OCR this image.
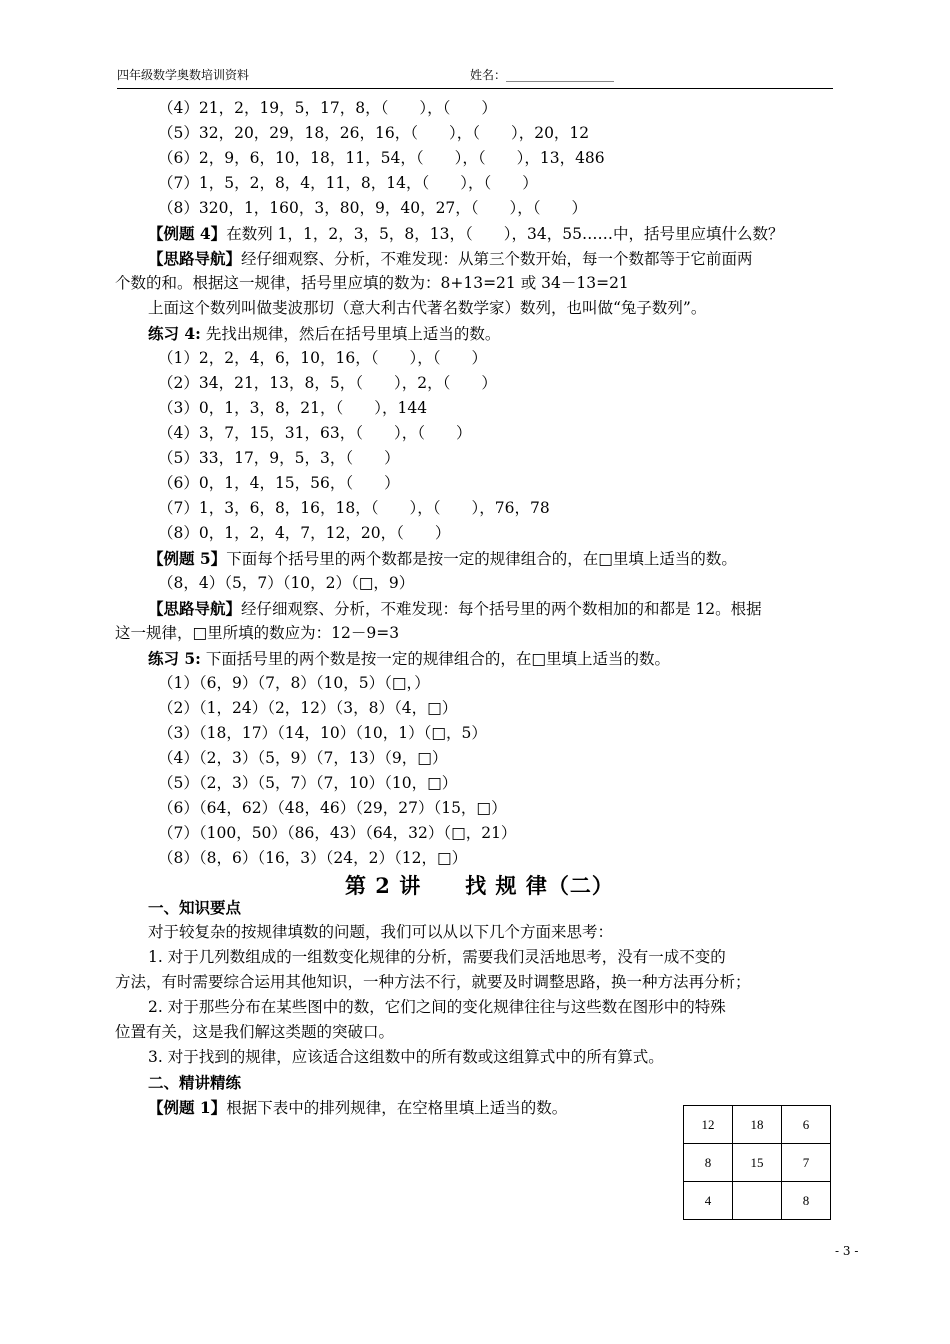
四年级数学奥数培训资料	姓名：__________________
（4）21，2，19，5，17，8，（　　），（　　）
（5）32，20，29，18，26，16，（　　），（　　），20，12
（6）2，9，6，10，18，11，54，（　　），（　　），13，486
（7）1，5，2，8，4，11，8，14，（　　），（　　）
（8）320，1，160，3，80，9，40，27，（　　），（　　）
【例题 4】在数列 1，1，2，3，5，8，13，（　　），34，55……中，括号里应填什么数？
【思路导航】经仔细观察、分析，不难发现：从第三个数开始，每一个数都等于它前面两
个数的和。根据这一规律，括号里应填的数为：8+13=21 或 34－13=21
上面这个数列叫做斐波那切（意大利古代著名数学家）数列，也叫做“兔子数列”。
练习 4: 先找出规律，然后在括号里填上适当的数。
（1）2，2，4，6，10，16，（　　），（　　）
（2）34，21，13，8，5，（　　），2，（　　）
（3）0，1，3，8，21，（　　），144
（4）3，7，15，31，63，（　　），（　　）
（5）33，17，9，5，3，（　　）
（6）0，1，4，15，56，（　　）
（7）1，3，6，8，16，18，（　　），（　　），76，78
（8）0，1，2，4，7，12，20，（　　）
【例题 5】下面每个括号里的两个数都是按一定的规律组合的，在□里填上适当的数。
（8，4）（5，7）（10，2）（□，9）
【思路导航】经仔细观察、分析，不难发现：每个括号里的两个数相加的和都是 12。根据
这一规律，□里所填的数应为：12－9=3
练习 5: 下面括号里的两个数是按一定的规律组合的，在□里填上适当的数。
（1）（6，9）（7，8）（10，5）（□，）
（2）（1，24）（2，12）（3，8）（4，□）
（3）（18，17）（14，10）（10，1）（□，5）
（4）（2，3）（5，9）（7，13）（9，□）
（5）（2，3）（5，7）（7，10）（10，□）
（6）（64，62）（48，46）（29，27）（15，□）
（7）（100，50）（86，43）（64，32）（□，21）
（8）（8，6）（16，3）（24，2）（12，□）
第 2 讲　　找 规 律（二）
一、知识要点
对于较复杂的按规律填数的问题，我们可以从以下几个方面来思考：
1. 对于几列数组成的一组数变化规律的分析，需要我们灵活地思考，没有一成不变的
方法，有时需要综合运用其他知识，一种方法不行，就要及时调整思路，换一种方法再分析；
2. 对于那些分布在某些图中的数，它们之间的变化规律往往与这些数在图形中的特殊
位置有关，这是我们解这类题的突破口。
3. 对于找到的规律，应该适合这组数中的所有数或这组算式中的所有算式。
二、精讲精练
【例题 1】根据下表中的排列规律，在空格里填上适当的数。
12	18	6
8	15	7
4		8
- 3 -
